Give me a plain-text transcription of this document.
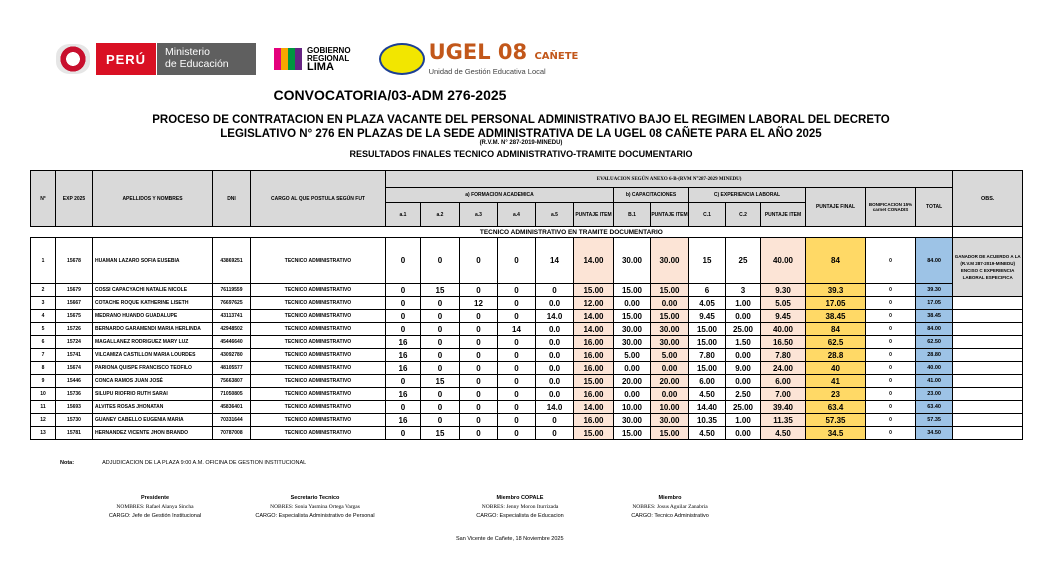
PERÚ	Ministerio
de Educación
GOBIERNO
REGIONAL
LIMA
UGEL 08 CAÑETE
Unidad de Gestión Educativa Local
CONVOCATORIA/03-ADM 276-2025
PROCESO DE CONTRATACION EN PLAZA VACANTE DEL PERSONAL ADMINISTRATIVO BAJO EL REGIMEN LABORAL DEL DECRETO
LEGISLATIVO N° 276 EN PLAZAS DE LA SEDE ADMINISTRATIVA DE LA UGEL 08 CAÑETE PARA EL AÑO 2025
(R.V.M. N° 287-2019-MINEDU)
RESULTADOS FINALES TECNICO ADMINISTRATIVO-TRAMITE DOCUMENTARIO
N°	EXP 2025	APELLIDOS Y NOMBRES	DNI	CARGO AL QUE POSTULA SEGÚN FUT	EVALUACION SEGÚN ANEXO 6-B-(RVM N°287-2029 MINEDU)														OBS.
					a) FORMACION ACADEMICA						b) CAPACITACIONES		C) EXPERIENCIA LABORAL			PUNTAJE FINAL	BONIFICACION 15% carnet CONADIS	TOTAL	
					a.1	a.2	a.3	a.4	a.5	PUNTAJE ITEM	B.1	PUNTAJE ITEM	C.1	C.2	PUNTAJE ITEM				
TECNICO ADMINISTRATIVO EN TRAMITE DOCUMENTARIO																			
1	15678	HUAMAN LAZARO SOFIA EUSEBIA	43869251	TECNICO ADMINISTRATIVO	0	0	0	0	14	14.00	30.00	30.00	15	25	40.00	84	0	84.00	GANADOR DE ACUERDO A LA (R.V.M 287-2019-MINEDU) ENCISO C EXPERIENCIA LABORAL ESPECIFICA
2	15679	COSSI CAPACYACHI NATALIE NICOLE	76119559	TECNICO ADMINISTRATIVO	0	15	0	0	0	15.00	15.00	15.00	6	3	9.30	39.3	0	39.30	
3	15667	COTACHE ROQUE KATHERINE LISETH	76697625	TECNICO ADMINISTRATIVO	0	0	12	0	0.0	12.00	0.00	0.00	4.05	1.00	5.05	17.05	0	17.05	
4	15675	MEDRANO HUANDO GUADALUPE	43113741	TECNICO ADMINISTRATIVO	0	0	0	0	14.0	14.00	15.00	15.00	9.45	0.00	9.45	38.45	0	38.45	
5	15726	BERNARDO GARAMENDI MARIA HERLINDA	42948502	TECNICO ADMINISTRATIVO	0	0	0	14	0.0	14.00	30.00	30.00	15.00	25.00	40.00	84	0	84.00	
6	15724	MAGALLANEZ RODRIGUEZ MARY LUZ	45446640	TECNICO ADMINISTRATIVO	16	0	0	0	0.0	16.00	30.00	30.00	15.00	1.50	16.50	62.5	0	62.50	
7	15741	VILCAMIZA CASTILLON MARIA LOURDES	43092780	TECNICO ADMINISTRATIVO	16	0	0	0	0.0	16.00	5.00	5.00	7.80	0.00	7.80	28.8	0	28.80	
8	15674	PARIONA QUISPE FRANCISCO TEOFILO	48105577	TECNICO ADMINISTRATIVO	16	0	0	0	0.0	16.00	0.00	0.00	15.00	9.00	24.00	40	0	40.00	
9	15446	CONCA RAMOS JUAN JOSÉ	75663807	TECNICO ADMINISTRATIVO	0	15	0	0	0.0	15.00	20.00	20.00	6.00	0.00	6.00	41	0	41.00	
10	15736	SILUPU RIOFRIO RUTH SARAI	71050805	TECNICO ADMINISTRATIVO	16	0	0	0	0.0	16.00	0.00	0.00	4.50	2.50	7.00	23	0	23.00	
11	15693	ALVITES ROSAS JHONATAN	45836401	TECNICO ADMINISTRATIVO	0	0	0	0	14.0	14.00	10.00	10.00	14.40	25.00	39.40	63.4	0	63.40	
12	15730	GUANEY CABELLO EUGENIA MARIA	70331644	TECNICO ADMINISTRATIVO	16	0	0	0	0	16.00	30.00	30.00	10.35	1.00	11.35	57.35	0	57.35	
13	15781	HERNANDEZ VICENTE JHON BRANDO	70787008	TECNICO ADMINISTRATIVO	0	15	0	0	0	15.00	15.00	15.00	4.50	0.00	4.50	34.5	0	34.50	
Nota:	ADJUDICACION DE LA PLAZA 9:00 A.M. OFICINA DE GESTION INSTITUCIONAL
Presidente
NOMBRES: Rafael Alanya Sincha
CARGO: Jefe de Gestión Institucional
Secretario Tecnico
NOBRES: Sonia Yasmina Ortega Vargas
CARGO: Especialista Administrativo de Personal
Miembro COPALE
NOBRES: Jenny Moron Iturrizada
CARGO: Especialista de Educacion
Miembro
NOBRES: Josus Aguilar Zanabria
CARGO: Tecnico Administrativo
San Vicente de Cañete, 18 Noviembre 2025
